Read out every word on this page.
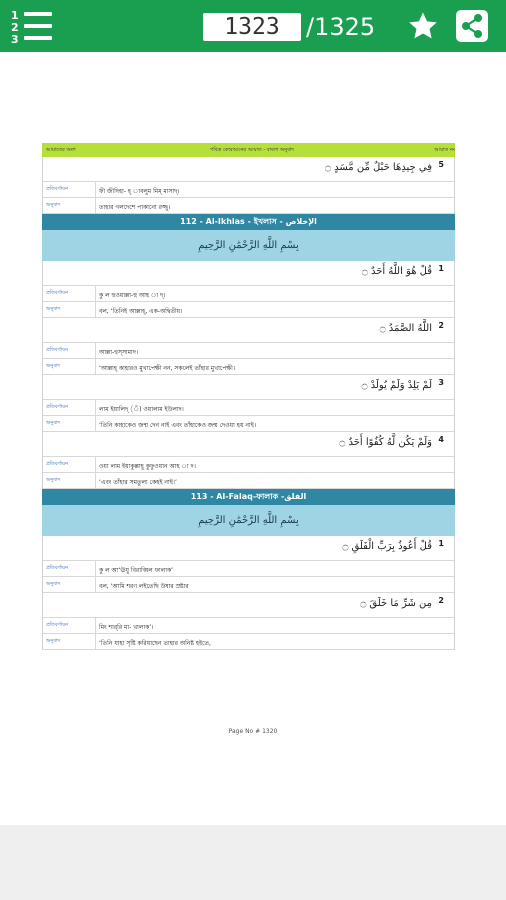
1
2
3	1323	/1325
আয়াতের অংশ	পবিত্র কোরআনের আয়াত - বাংলা অনুবাদ	আয়াত নং
فِي جِيدِهَا حَبْلٌ مِّن مَّسَدٍ ۝ 5
প্রতিবর্ণায়ন	ফী জীদিহা- হ্ াবলুম মিম্ মাসাদ্।
অনুবাদ	তাহার গলদেশে পাকানো রজ্জু।
112 - Al-Ikhlas - ইখলাস - الإخلاص
بِسْمِ اللَّهِ الرَّحْمَٰنِ الرَّحِيمِ
قُلْ هُوَ اللَّهُ أَحَدٌ ۝ 1
প্রতিবর্ণায়ন	কু ল হুওয়াল্লা-হু আহ া দ্।
অনুবাদ	বল, ‘তিনিই আল্লাহ্, এক-অদ্বিতীয়।
اللَّهُ الصَّمَدُ ۝ 2
প্রতিবর্ণায়ন	আল্লা-হুস্সামাদ।
অনুবাদ	‘আল্লাহ্ কাহারও মুখাপেক্ষী নন, সকলেই তাঁহার মুখাপেক্ষী।
لَمْ يَلِدْ وَلَمْ يُولَدْ ۝ 3
প্রতিবর্ণায়ন	লাম ইয়ালিদ্ (ঁ) ওয়ালাম ইউলাদ।
অনুবাদ	‘তিনি কাহাকেও জন্ম দেন নাই এবং তাঁহাকেও জন্ম দেওয়া হয় নাই।
وَلَمْ يَكُن لَّهُ كُفُوًا أَحَدٌ ۝ 4
প্রতিবর্ণায়ন	ওয়া লাম ইয়াকুল্লাহূ কুফুওয়ান আহ া দ।
অনুবাদ	‘এবং তাঁহার সমতুল্য কেহই নাই।’
113 - Al-Falaq-ফালাক -الفلق
بِسْمِ اللَّهِ الرَّحْمَٰنِ الرَّحِيمِ
قُلْ أَعُوذُ بِرَبِّ الْفَلَقِ ۝ 1
প্রতিবর্ণায়ন	কু ল আ‘ঊযু বিরাব্বিল ফালাক’
অনুবাদ	বল, ‘আমি শরণ লইতেছি উষার স্রষ্টার
مِن شَرِّ مَا خَلَقَ ۝ 2
প্রতিবর্ণায়ন	মিং শার্‌রি মা- খালাক’।
অনুবাদ	‘তিনি যাহা সৃষ্টি করিয়াছেন তাহার অনিষ্ট হইতে,
Page No # 1320
